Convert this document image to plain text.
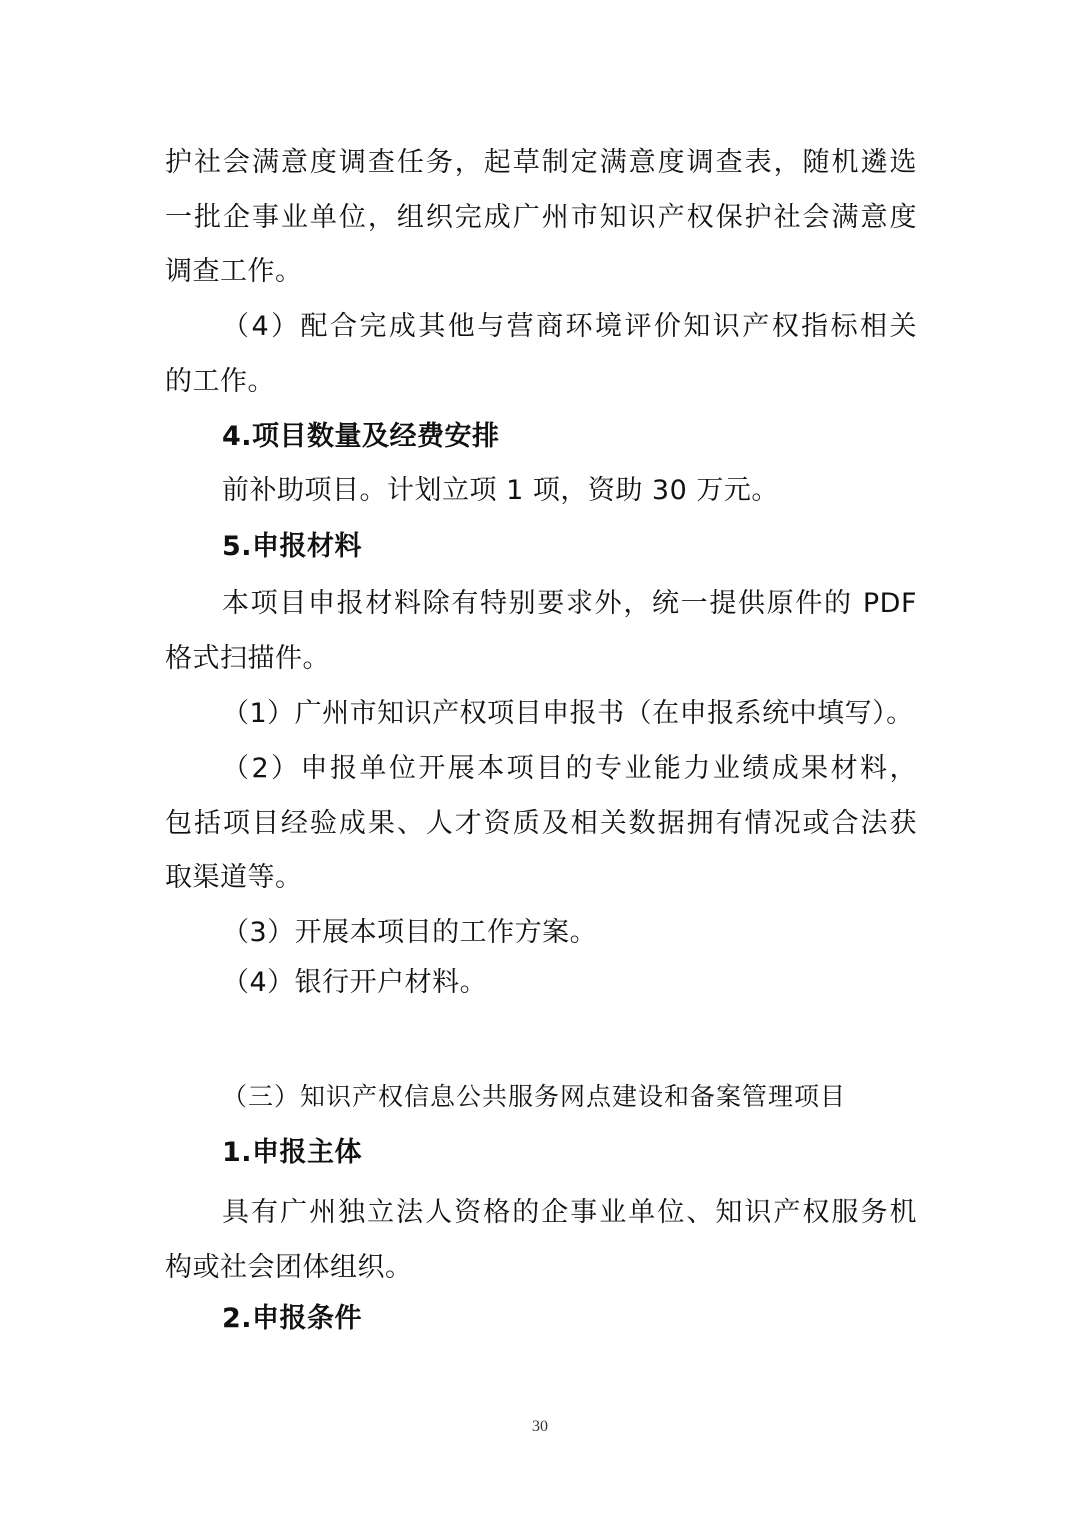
护社会满意度调查任务，起草制定满意度调查表，随机遴选
一批企事业单位，组织完成广州市知识产权保护社会满意度
调查工作。
（4）配合完成其他与营商环境评价知识产权指标相关
的工作。
4.项目数量及经费安排
前补助项目。计划立项 1 项，资助 30 万元。
5.申报材料
本项目申报材料除有特别要求外，统一提供原件的 PDF
格式扫描件。
（1）广州市知识产权项目申报书（在申报系统中填写）。
（2）申报单位开展本项目的专业能力业绩成果材料，
包括项目经验成果、人才资质及相关数据拥有情况或合法获
取渠道等。
（3）开展本项目的工作方案。
（4）银行开户材料。
（三）知识产权信息公共服务网点建设和备案管理项目
1.申报主体
具有广州独立法人资格的企事业单位、知识产权服务机
构或社会团体组织。
2.申报条件
30
